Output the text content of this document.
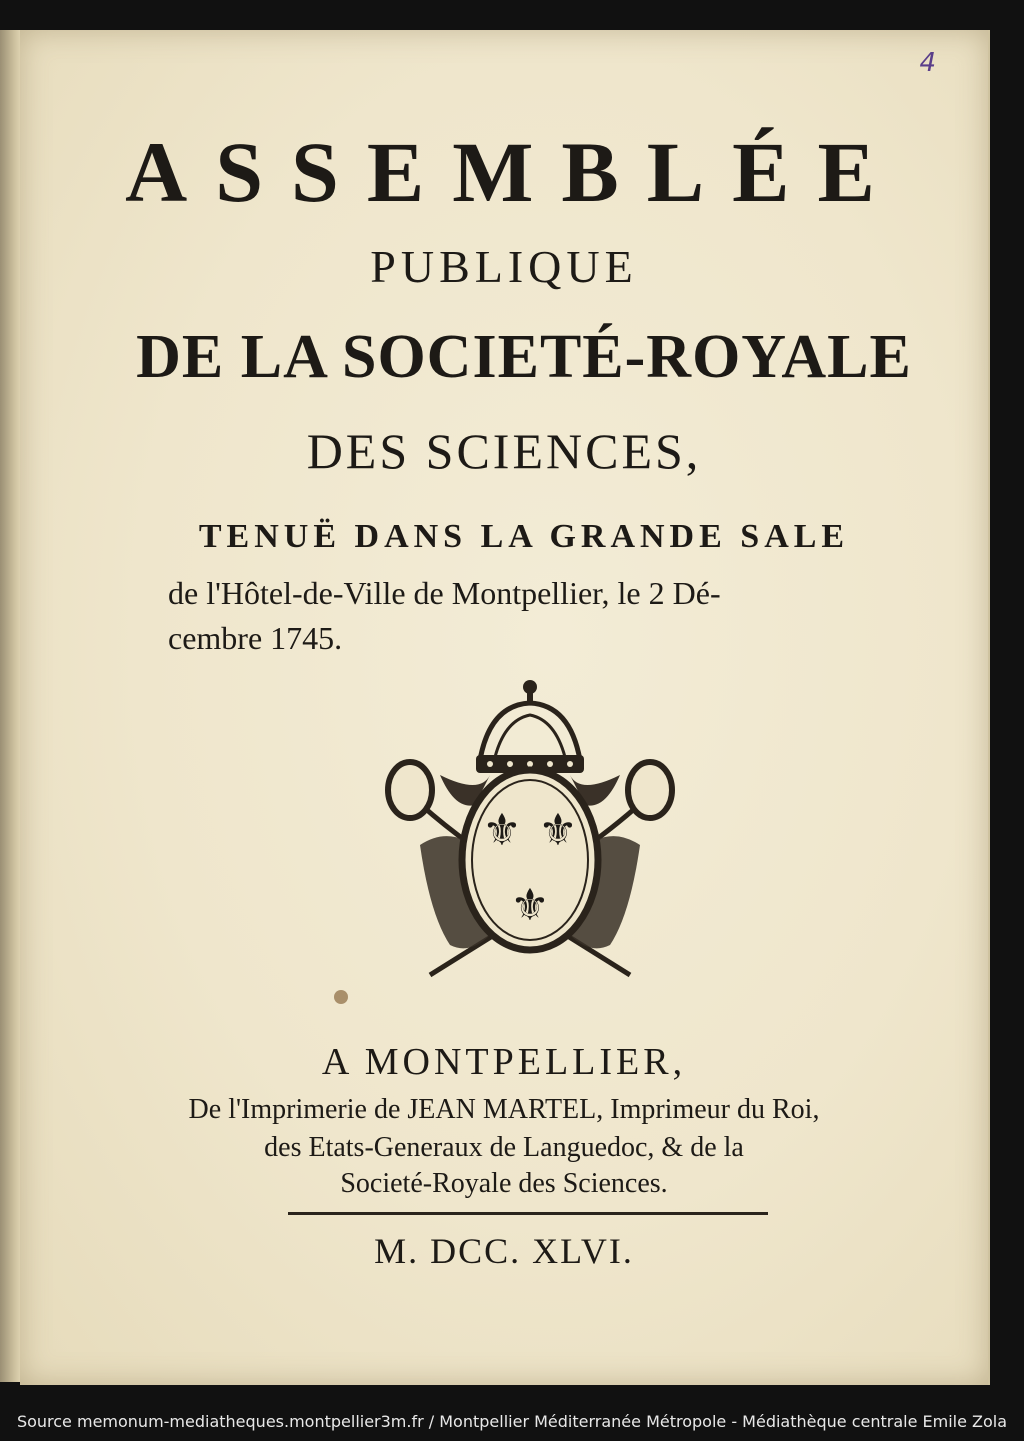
4
ASSEMBLÉE
PUBLIQUE
DE LA SOCIETÉ-ROYALE
DES SCIENCES,
TENUË DANS LA GRANDE SALE
de l'Hôtel-de-Ville de Montpellier, le 2 Dé-
cembre 1745.
⚜ ⚜
⚜
A MONTPELLIER,
De l'Imprimerie de JEAN MARTEL, Imprimeur du Roi,
des Etats-Generaux de Languedoc, & de la
Societé-Royale des Sciences.
M. DCC. XLVI.
Source memonum-mediatheques.montpellier3m.fr / Montpellier Méditerranée Métropole - Médiathèque centrale Emile Zola
